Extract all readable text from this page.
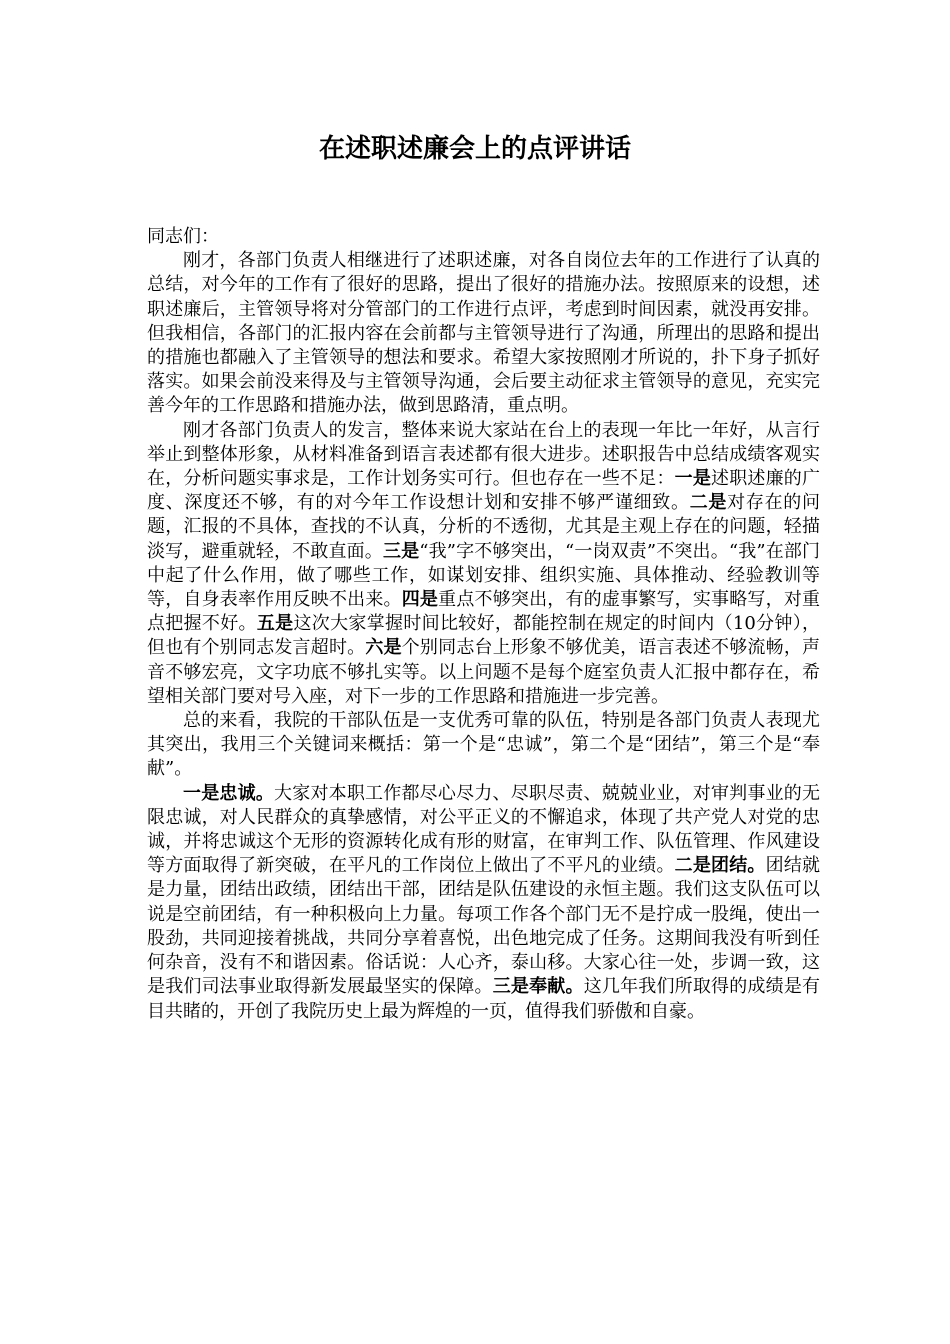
在述职述廉会上的点评讲话

同志们：

刚才，各部门负责人相继进行了述职述廉，对各自岗位去年的工作进行了认真的总结，对今年的工作有了很好的思路，提出了很好的措施办法。按照原来的设想，述职述廉后，主管领导将对分管部门的工作进行点评，考虑到时间因素，就没再安排。但我相信，各部门的汇报内容在会前都与主管领导进行了沟通，所理出的思路和提出的措施也都融入了主管领导的想法和要求。希望大家按照刚才所说的，扑下身子抓好落实。如果会前没来得及与主管领导沟通，会后要主动征求主管领导的意见，充实完善今年的工作思路和措施办法，做到思路清，重点明。

刚才各部门负责人的发言，整体来说大家站在台上的表现一年比一年好，从言行举止到整体形象，从材料准备到语言表述都有很大进步。述职报告中总结成绩客观实在，分析问题实事求是，工作计划务实可行。但也存在一些不足：一是述职述廉的广度、深度还不够，有的对今年工作设想计划和安排不够严谨细致。二是对存在的问题，汇报的不具体，查找的不认真，分析的不透彻，尤其是主观上存在的问题，轻描淡写，避重就轻，不敢直面。三是“我”字不够突出，“一岗双责”不突出。“我”在部门中起了什么作用，做了哪些工作，如谋划安排、组织实施、具体推动、经验教训等等，自身表率作用反映不出来。四是重点不够突出，有的虚事繁写，实事略写，对重点把握不好。五是这次大家掌握时间比较好，都能控制在规定的时间内（10分钟），但也有个别同志发言超时。六是个别同志台上形象不够优美，语言表述不够流畅，声音不够宏亮，文字功底不够扎实等。以上问题不是每个庭室负责人汇报中都存在，希望相关部门要对号入座，对下一步的工作思路和措施进一步完善。

总的来看，我院的干部队伍是一支优秀可靠的队伍，特别是各部门负责人表现尤其突出，我用三个关键词来概括：第一个是“忠诚”，第二个是“团结”，第三个是“奉献”。

一是忠诚。大家对本职工作都尽心尽力、尽职尽责、兢兢业业，对审判事业的无限忠诚，对人民群众的真挚感情，对公平正义的不懈追求，体现了共产党人对党的忠诚，并将忠诚这个无形的资源转化成有形的财富，在审判工作、队伍管理、作风建设等方面取得了新突破，在平凡的工作岗位上做出了不平凡的业绩。二是团结。团结就是力量，团结出政绩，团结出干部，团结是队伍建设的永恒主题。我们这支队伍可以说是空前团结，有一种积极向上力量。每项工作各个部门无不是拧成一股绳，使出一股劲，共同迎接着挑战，共同分享着喜悦，出色地完成了任务。这期间我没有听到任何杂音，没有不和谐因素。俗话说：人心齐，泰山移。大家心往一处，步调一致，这是我们司法事业取得新发展最坚实的保障。三是奉献。这几年我们所取得的成绩是有目共睹的，开创了我院历史上最为辉煌的一页，值得我们骄傲和自豪。
